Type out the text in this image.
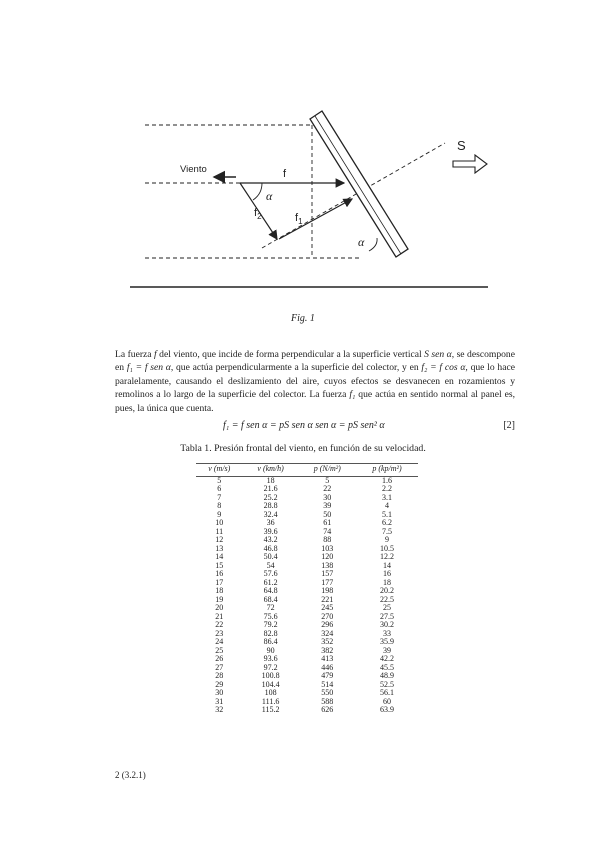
Viento	f
α
$f_2$	$f_1$
α
S
Fig. 1
La fuerza f del viento, que incide de forma perpendicular a la superficie vertical S sen α, se descompone en f₁ = f sen α, que actúa perpendicularmente a la superficie del colector, y en f₂ = f cos α, que lo hace paralelamente, causando el deslizamiento del aire, cuyos efectos se desvanecen en rozamientos y remolinos a lo largo de la superficie del colector. La fuerza f₁ que actúa en sentido normal al panel es, pues, la única que cuenta.
f₁ = f sen α = pS sen α sen α = pS sen² α	[2]
Tabla 1. Presión frontal del viento, en función de su velocidad.
v (m/s)	v (km/h)	p (N/m²)	p (kp/m²)
5	18	5	1.6
6	21.6	22	2.2
7	25.2	30	3.1
8	28.8	39	4
9	32.4	50	5.1
10	36	61	6.2
11	39.6	74	7.5
12	43.2	88	9
13	46.8	103	10.5
14	50.4	120	12.2
15	54	138	14
16	57.6	157	16
17	61.2	177	18
18	64.8	198	20.2
19	68.4	221	22.5
20	72	245	25
21	75.6	270	27.5
22	79.2	296	30.2
23	82.8	324	33
24	86.4	352	35.9
25	90	382	39
26	93.6	413	42.2
27	97.2	446	45.5
28	100.8	479	48.9
29	104.4	514	52.5
30	108	550	56.1
31	111.6	588	60
32	115.2	626	63.9
2 (3.2.1)
